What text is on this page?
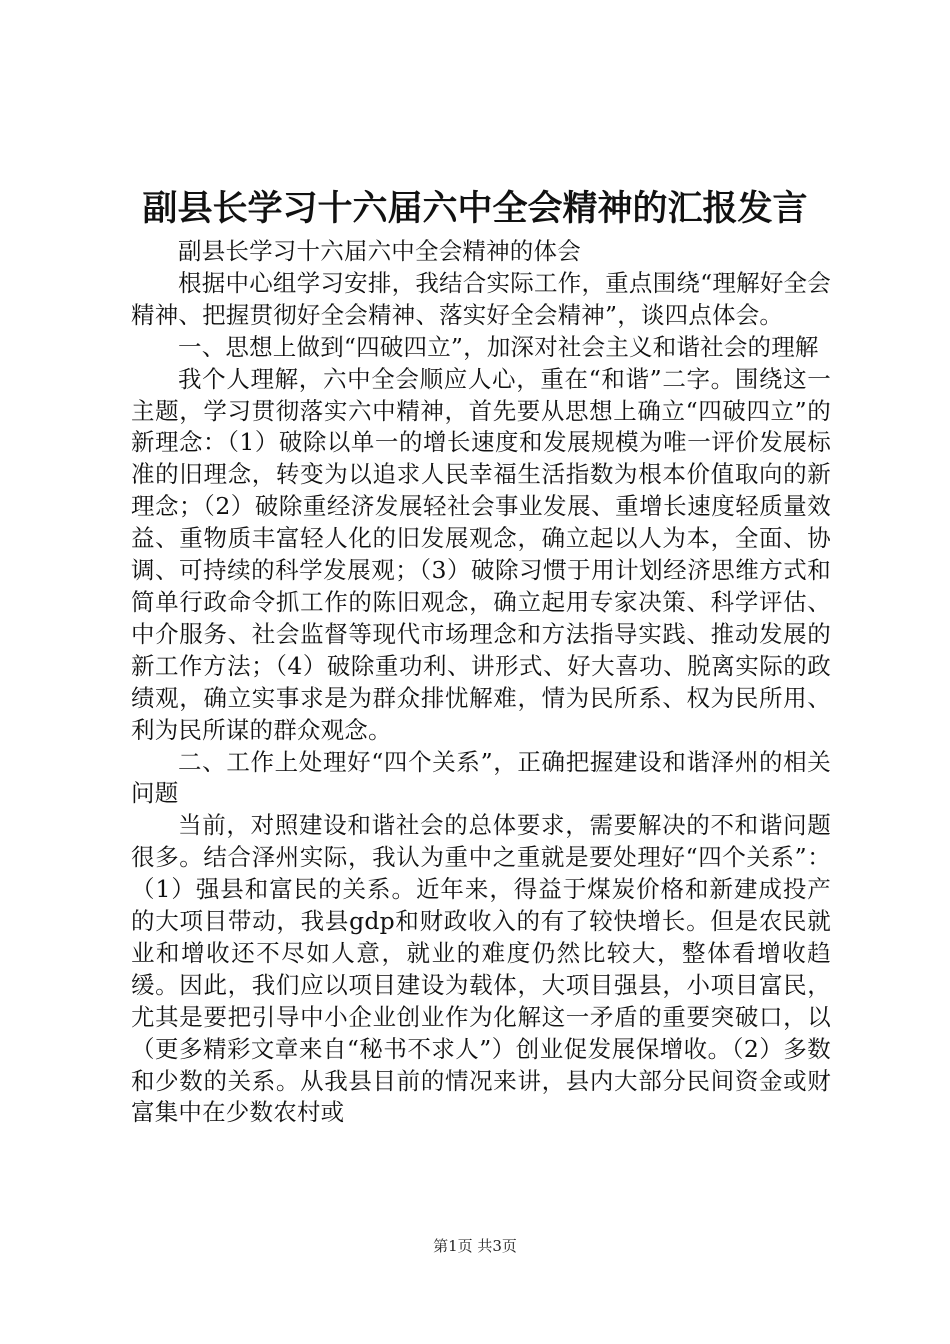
副县长学习十六届六中全会精神的汇报发言

副县长学习十六届六中全会精神的体会

根据中心组学习安排，我结合实际工作，重点围绕“理解好全会精神、把握贯彻好全会精神、落实好全会精神”，谈四点体会。

一、思想上做到“四破四立”，加深对社会主义和谐社会的理解

我个人理解，六中全会顺应人心，重在“和谐”二字。围绕这一主题，学习贯彻落实六中精神，首先要从思想上确立“四破四立”的新理念：（1）破除以单一的增长速度和发展规模为唯一评价发展标准的旧理念，转变为以追求人民幸福生活指数为根本价值取向的新理念；（2）破除重经济发展轻社会事业发展、重增长速度轻质量效益、重物质丰富轻人化的旧发展观念，确立起以人为本，全面、协调、可持续的科学发展观；（3）破除习惯于用计划经济思维方式和简单行政命令抓工作的陈旧观念，确立起用专家决策、科学评估、中介服务、社会监督等现代市场理念和方法指导实践、推动发展的新工作方法；（4）破除重功利、讲形式、好大喜功、脱离实际的政绩观，确立实事求是为群众排忧解难，情为民所系、权为民所用、利为民所谋的群众观念。

二、工作上处理好“四个关系”，正确把握建设和谐泽州的相关问题

当前，对照建设和谐社会的总体要求，需要解决的不和谐问题很多。结合泽州实际，我认为重中之重就是要处理好“四个关系”：（1）强县和富民的关系。近年来，得益于煤炭价格和新建成投产的大项目带动，我县gdp和财政收入的有了较快增长。但是农民就业和增收还不尽如人意，就业的难度仍然比较大，整体看增收趋缓。因此，我们应以项目建设为载体，大项目强县，小项目富民，尤其是要把引导中小企业创业作为化解这一矛盾的重要突破口，以（更多精彩文章来自“秘书不求人”）创业促发展保增收。（2）多数和少数的关系。从我县目前的情况来讲，县内大部分民间资金或财富集中在少数农村或

第1页 共3页
